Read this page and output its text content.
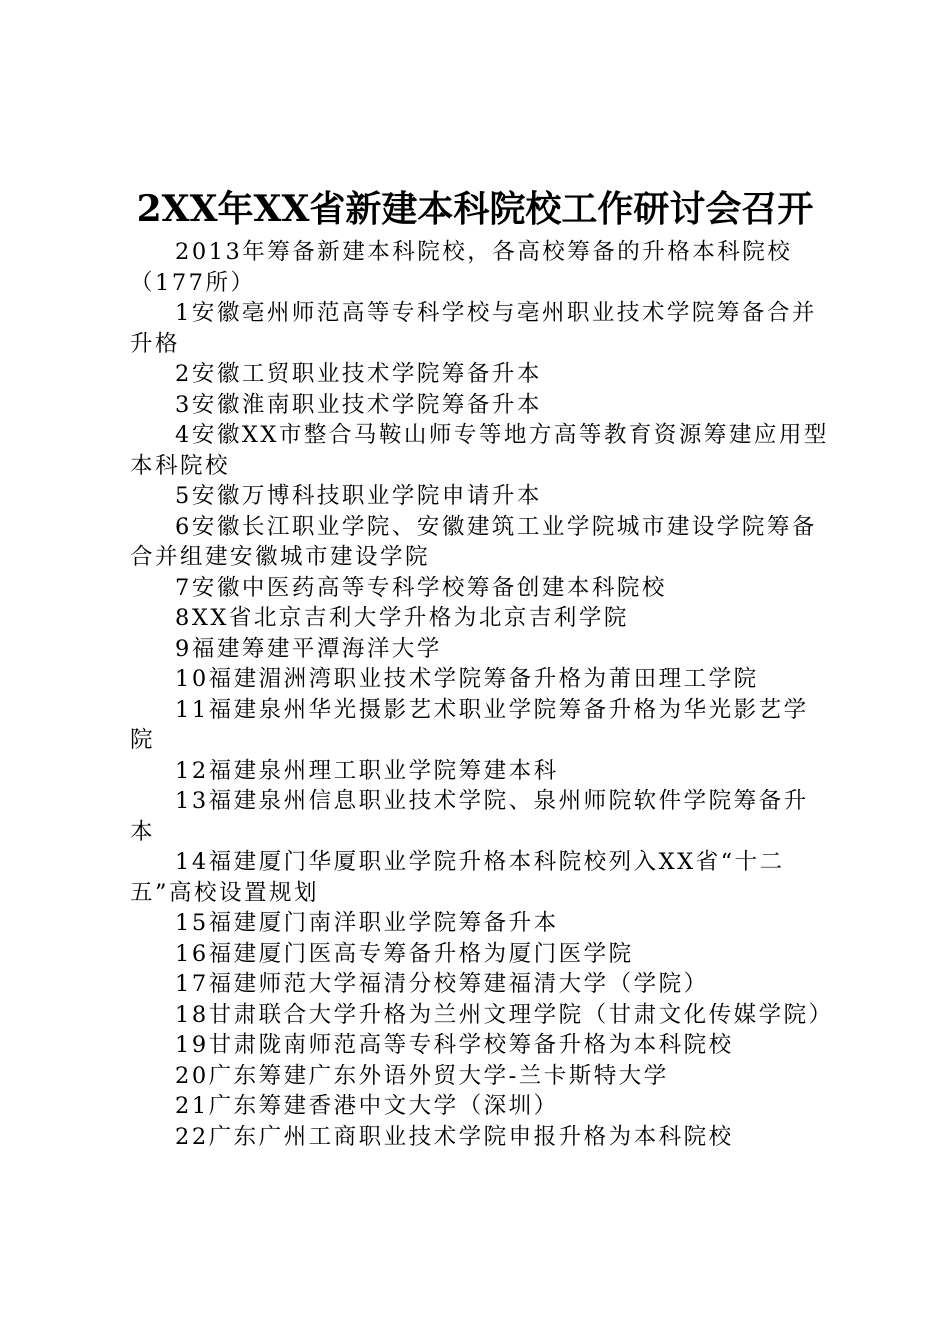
2XX年XX省新建本科院校工作研讨会召开

2013年筹备新建本科院校，各高校筹备的升格本科院校（177所）

1安徽亳州师范高等专科学校与亳州职业技术学院筹备合并升格

2安徽工贸职业技术学院筹备升本

3安徽淮南职业技术学院筹备升本

4安徽XX市整合马鞍山师专等地方高等教育资源筹建应用型本科院校

5安徽万博科技职业学院申请升本

6安徽长江职业学院、安徽建筑工业学院城市建设学院筹备合并组建安徽城市建设学院

7安徽中医药高等专科学校筹备创建本科院校

8XX省北京吉利大学升格为北京吉利学院

9福建筹建平潭海洋大学

10福建湄洲湾职业技术学院筹备升格为莆田理工学院

11福建泉州华光摄影艺术职业学院筹备升格为华光影艺学院

12福建泉州理工职业学院筹建本科

13福建泉州信息职业技术学院、泉州师院软件学院筹备升本

14福建厦门华厦职业学院升格本科院校列入XX省“十二五”高校设置规划

15福建厦门南洋职业学院筹备升本

16福建厦门医高专筹备升格为厦门医学院

17福建师范大学福清分校筹建福清大学（学院）

18甘肃联合大学升格为兰州文理学院（甘肃文化传媒学院）

19甘肃陇南师范高等专科学校筹备升格为本科院校

20广东筹建广东外语外贸大学-兰卡斯特大学

21广东筹建香港中文大学（深圳）

22广东广州工商职业技术学院申报升格为本科院校
